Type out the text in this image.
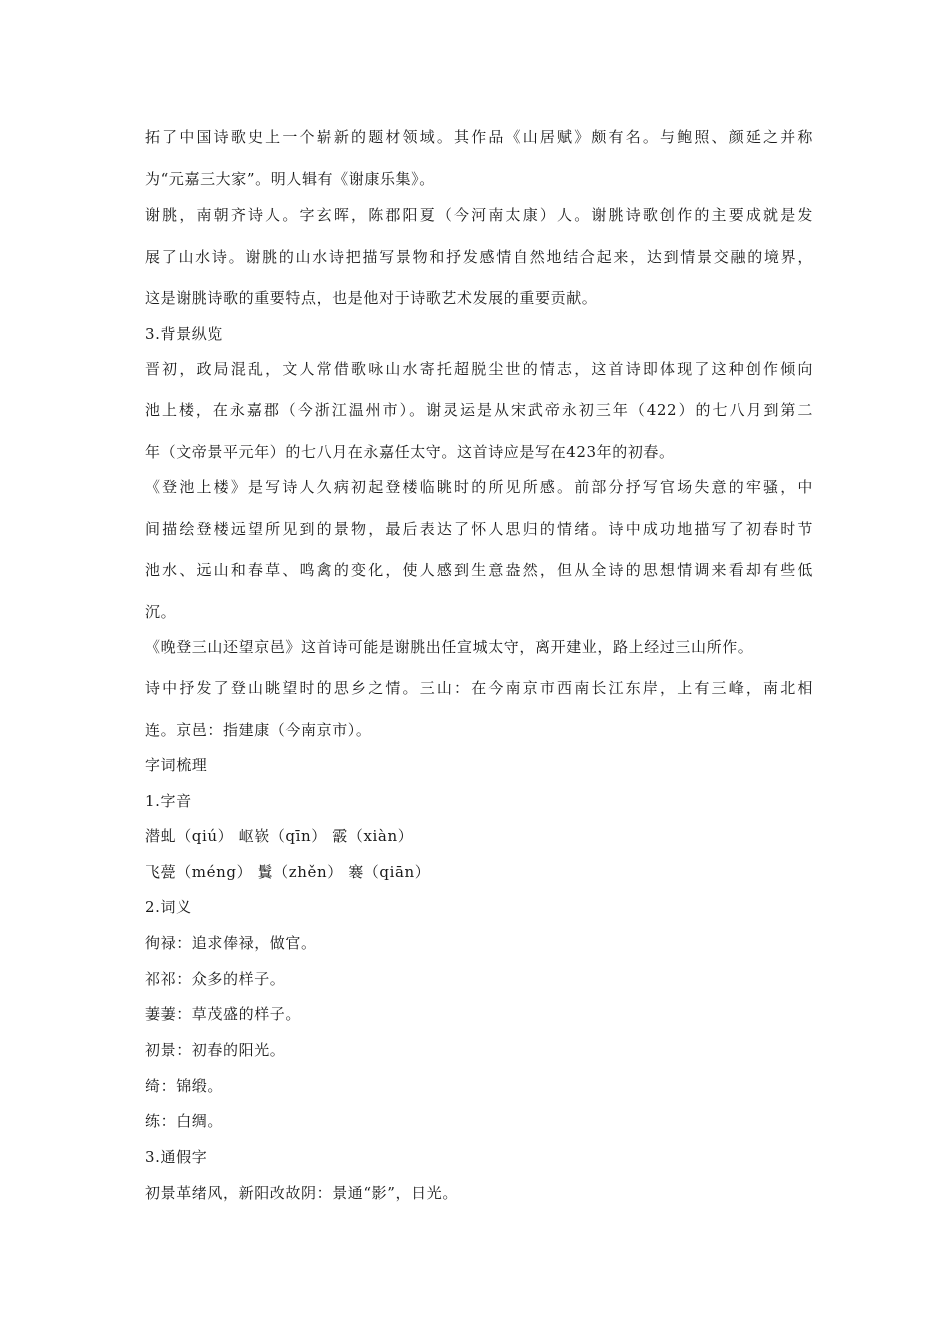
拓了中国诗歌史上一个崭新的题材领域。其作品《山居赋》颇有名。与鲍照、颜延之并称
为“元嘉三大家”。明人辑有《谢康乐集》。
谢朓，南朝齐诗人。字玄晖，陈郡阳夏（今河南太康）人。谢朓诗歌创作的主要成就是发
展了山水诗。谢朓的山水诗把描写景物和抒发感情自然地结合起来，达到情景交融的境界，
这是谢朓诗歌的重要特点，也是他对于诗歌艺术发展的重要贡献。
3.背景纵览
晋初，政局混乱，文人常借歌咏山水寄托超脱尘世的情志，这首诗即体现了这种创作倾向
池上楼，在永嘉郡（今浙江温州市）。谢灵运是从宋武帝永初三年（422）的七八月到第二
年（文帝景平元年）的七八月在永嘉任太守。这首诗应是写在423年的初春。
《登池上楼》是写诗人久病初起登楼临眺时的所见所感。前部分抒写官场失意的牢骚，中
间描绘登楼远望所见到的景物，最后表达了怀人思归的情绪。诗中成功地描写了初春时节
池水、远山和春草、鸣禽的变化，使人感到生意盎然，但从全诗的思想情调来看却有些低
沉。
《晚登三山还望京邑》这首诗可能是谢朓出任宣城太守，离开建业，路上经过三山所作。
诗中抒发了登山眺望时的思乡之情。三山：在今南京市西南长江东岸，上有三峰，南北相
连。京邑：指建康（今南京市）。
字词梳理
1.字音

潜虬（qiú） 岖嵚（qīn） 霰（xiàn）

飞甍（méng） 鬒（zhěn） 褰（qiān）

2.词义
徇禄：追求俸禄，做官。
祁祁：众多的样子。
萋萋：草茂盛的样子。
初景：初春的阳光。
绮：锦缎。
练：白绸。
3.通假字
初景革绪风，新阳改故阴：景通“影”，日光。
